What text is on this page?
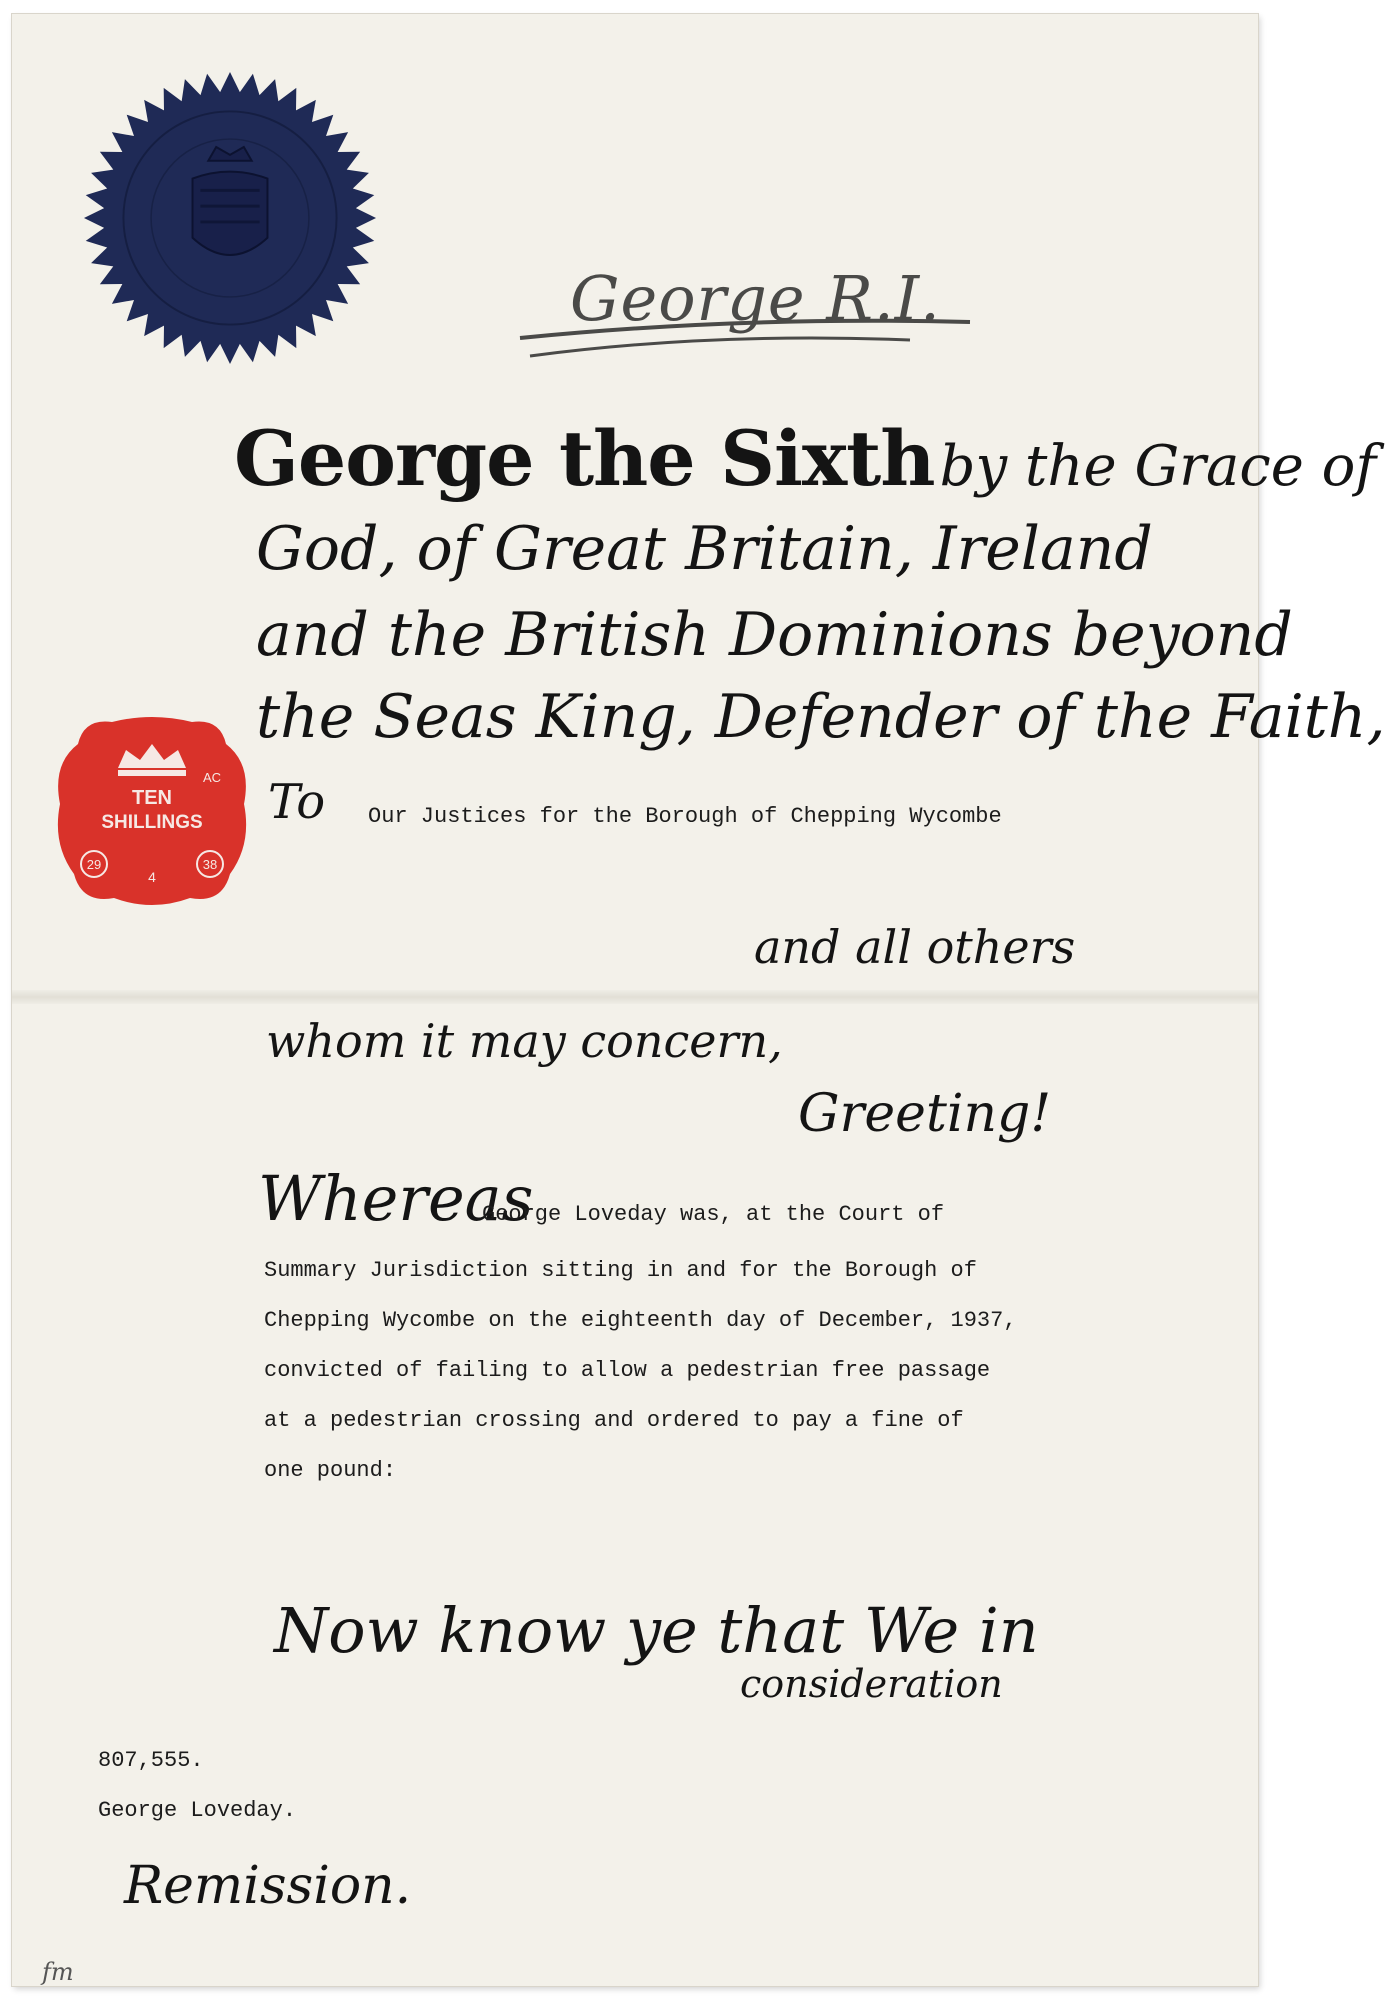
George R.I.
George the Sixth by the Grace of

God, of Great Britain, Ireland

and the British Dominions beyond

the Seas King, Defender of the Faith,

TEN
SHILLINGS
AC
29
4
38

To Our Justices for the Borough of Chepping Wycombe

and all others

whom it may concern,

Greeting!

Whereas

George Loveday was, at the Court of

Summary Jurisdiction sitting in and for the Borough of

Chepping Wycombe on the eighteenth day of December, 1937,

convicted of failing to allow a pedestrian free passage

at a pedestrian crossing and ordered to pay a fine of

one pound:

Now know ye that We in

consideration

807,555.

George Loveday.

Remission.

fm
